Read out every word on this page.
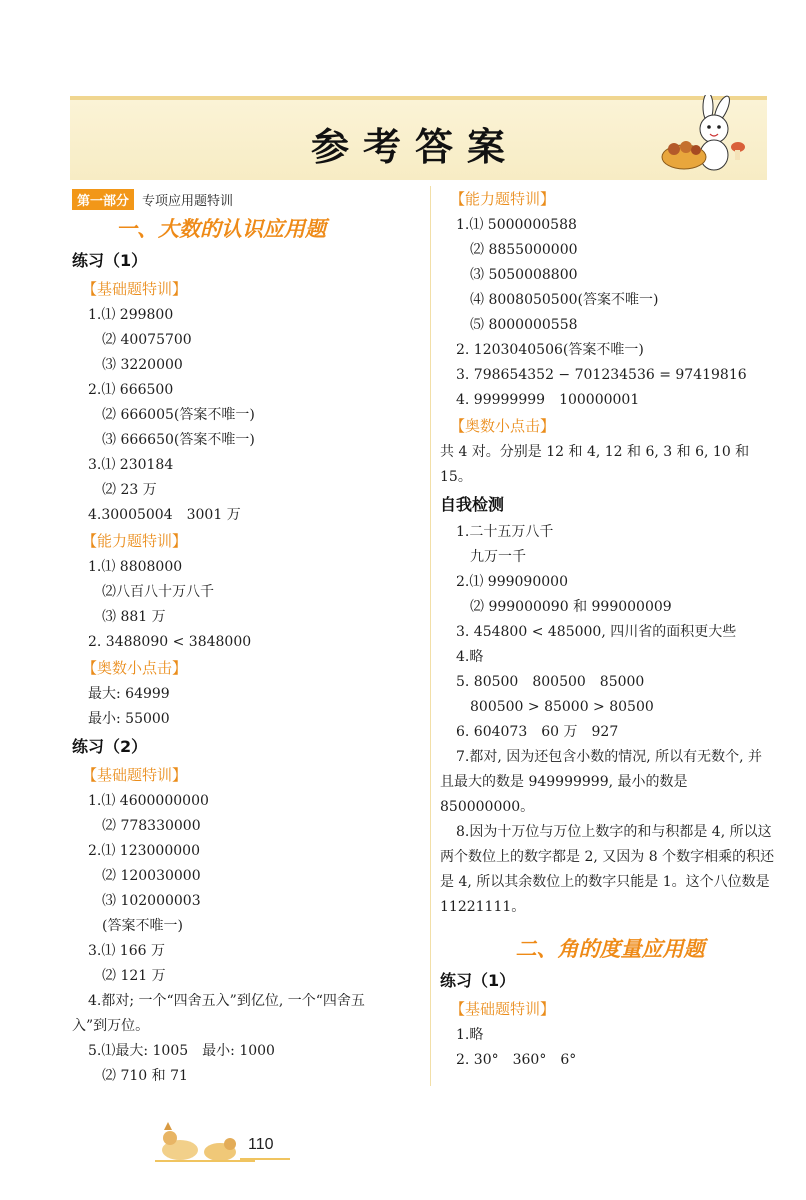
参考答案
第一部分	专项应用题特训
一、大数的认识应用题
练习（1）
【基础题特训】
1.⑴ 299800
⑵ 40075700
⑶ 3220000
2.⑴ 666500
⑵ 666005(答案不唯一)
⑶ 666650(答案不唯一)
3.⑴ 230184
⑵ 23 万
4.30005004　3001 万
【能力题特训】
1.⑴ 8808000
⑵八百八十万八千
⑶ 881 万
2. 3488090 < 3848000
【奥数小点击】
最大: 64999
最小: 55000
练习（2）
【基础题特训】
1.⑴ 4600000000
⑵ 778330000
2.⑴ 123000000
⑵ 120030000
⑶ 102000003
(答案不唯一)
3.⑴ 166 万
⑵ 121 万
4.都对; 一个“四舍五入”到亿位, 一个“四舍五入”到万位。
5.⑴最大: 1005　最小: 1000
⑵ 710 和 71
【能力题特训】
1.⑴ 5000000588
⑵ 8855000000
⑶ 5050008800
⑷ 8008050500(答案不唯一)
⑸ 8000000558
2. 1203040506(答案不唯一)
3. 798654352 − 701234536 = 97419816
4. 99999999　100000001
【奥数小点击】
共 4 对。分别是 12 和 4, 12 和 6, 3 和 6, 10 和 15。
自我检测
1.二十五万八千
九万一千
2.⑴ 999090000
⑵ 999000090 和 999000009
3. 454800 < 485000, 四川省的面积更大些
4.略
5. 80500　800500　85000
800500 > 85000 > 80500
6. 604073　60 万　927
7.都对, 因为还包含小数的情况, 所以有无数个, 并且最大的数是 949999999, 最小的数是 850000000。
8.因为十万位与万位上数字的和与积都是 4, 所以这两个数位上的数字都是 2, 又因为 8 个数字相乘的积还是 4, 所以其余数位上的数字只能是 1。这个八位数是 11221111。
二、角的度量应用题
练习（1）
【基础题特训】
1.略
2. 30°　360°　6°
110
